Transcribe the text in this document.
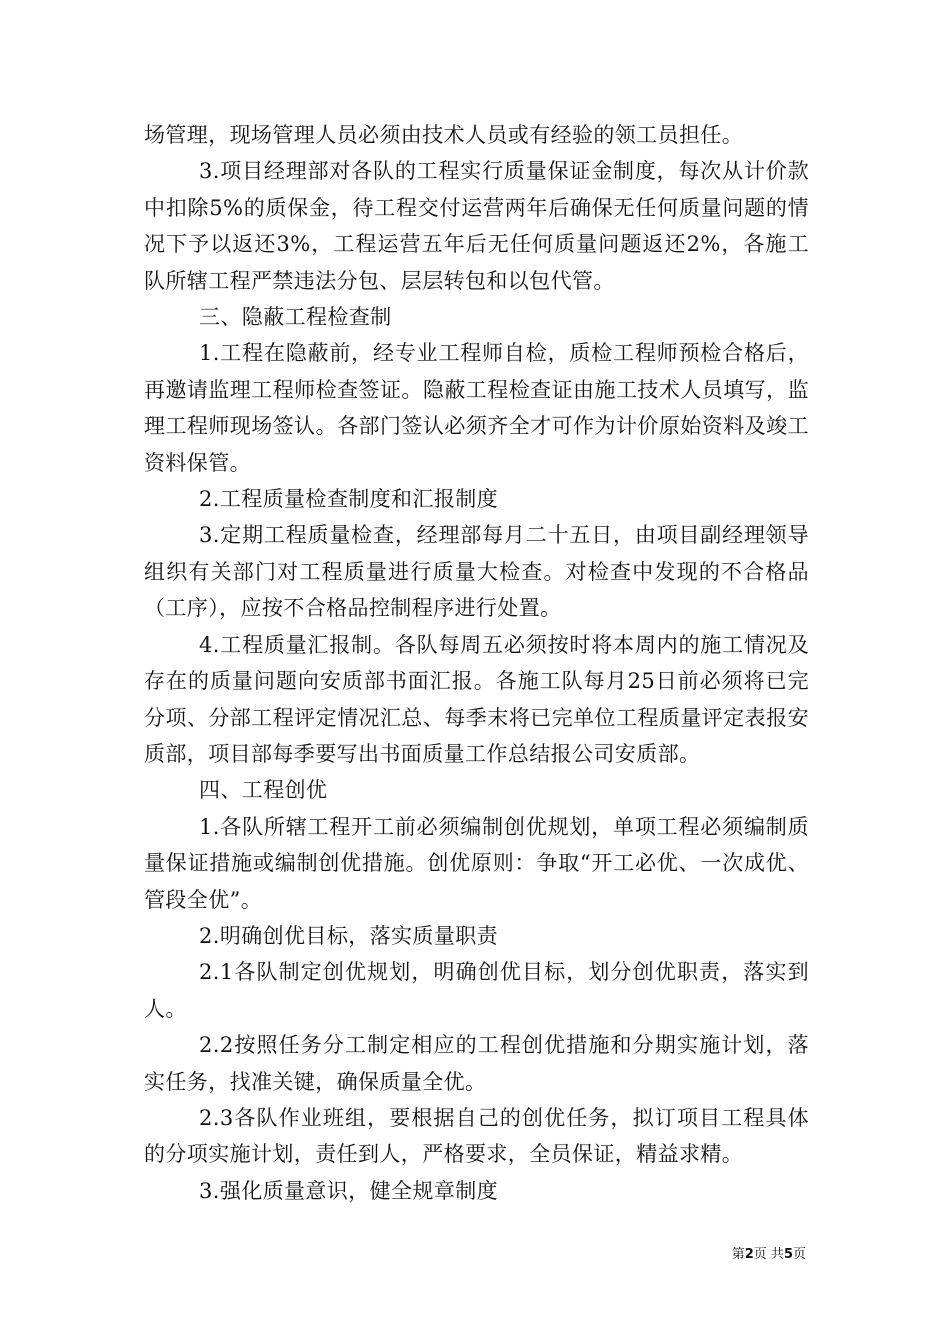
场管理，现场管理人员必须由技术人员或有经验的领工员担任。

3.项目经理部对各队的工程实行质量保证金制度，每次从计价款中扣除5%的质保金，待工程交付运营两年后确保无任何质量问题的情况下予以返还3%，工程运营五年后无任何质量问题返还2%，各施工队所辖工程严禁违法分包、层层转包和以包代管。

三、隐蔽工程检查制

1.工程在隐蔽前，经专业工程师自检，质检工程师预检合格后，再邀请监理工程师检查签证。隐蔽工程检查证由施工技术人员填写，监理工程师现场签认。各部门签认必须齐全才可作为计价原始资料及竣工资料保管。

2.工程质量检查制度和汇报制度

3.定期工程质量检查，经理部每月二十五日，由项目副经理领导组织有关部门对工程质量进行质量大检查。对检查中发现的不合格品（工序），应按不合格品控制程序进行处置。

4.工程质量汇报制。各队每周五必须按时将本周内的施工情况及存在的质量问题向安质部书面汇报。各施工队每月25日前必须将已完分项、分部工程评定情况汇总、每季末将已完单位工程质量评定表报安质部，项目部每季要写出书面质量工作总结报公司安质部。

四、工程创优

1.各队所辖工程开工前必须编制创优规划，单项工程必须编制质量保证措施或编制创优措施。创优原则：争取“开工必优、一次成优、管段全优”。

2.明确创优目标，落实质量职责

2.1各队制定创优规划，明确创优目标，划分创优职责，落实到人。

2.2按照任务分工制定相应的工程创优措施和分期实施计划，落实任务，找准关键，确保质量全优。

2.3各队作业班组，要根据自己的创优任务，拟订项目工程具体的分项实施计划，责任到人，严格要求，全员保证，精益求精。

3.强化质量意识，健全规章制度

第2页 共5页
